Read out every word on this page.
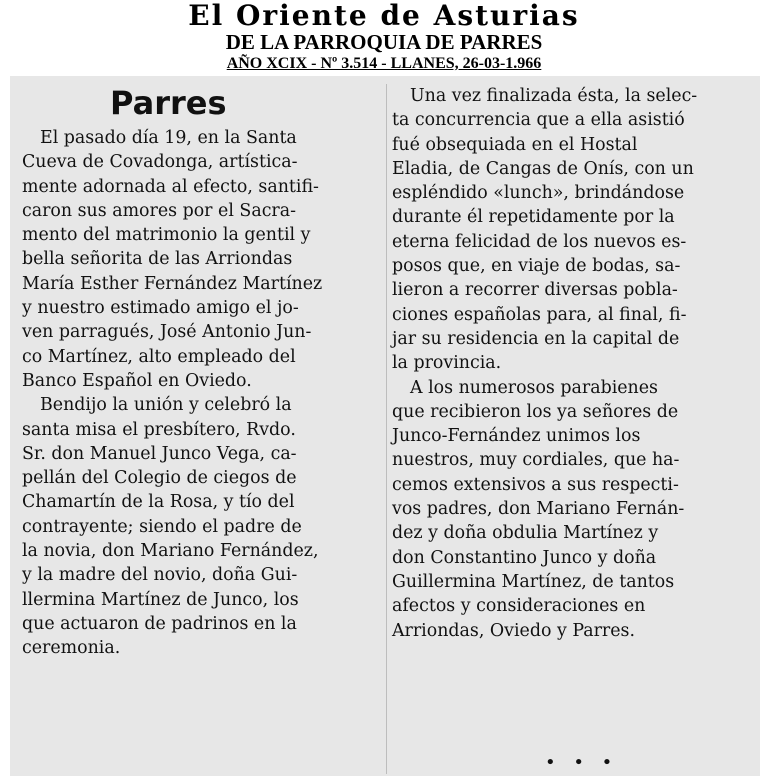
El Oriente de Asturias
DE LA PARROQUIA DE PARRES
AÑO XCIX - Nº 3.514 - LLANES, 26-03-1.966
Parres
El pasado día 19, en la Santa
Cueva de Covadonga, artística-
mente adornada al efecto, santifi-
caron sus amores por el Sacra-
mento del matrimonio la gentil y
bella señorita de las Arriondas
María Esther Fernández Martínez
y nuestro estimado amigo el jo-
ven parragués, José Antonio Jun-
co Martínez, alto empleado del
Banco Español en Oviedo.
Bendijo la unión y celebró la
santa misa el presbítero, Rvdo.
Sr. don Manuel Junco Vega, ca-
pellán del Colegio de ciegos de
Chamartín de la Rosa, y tío del
contrayente; siendo el padre de
la novia, don Mariano Fernández,
y la madre del novio, doña Gui-
llermina Martínez de Junco, los
que actuaron de padrinos en la
ceremonia.
Una vez finalizada ésta, la selec-
ta concurrencia que a ella asistió
fué obsequiada en el Hostal
Eladia, de Cangas de Onís, con un
espléndido «lunch», brindándose
durante él repetidamente por la
eterna felicidad de los nuevos es-
posos que, en viaje de bodas, sa-
lieron a recorrer diversas pobla-
ciones españolas para, al final, fi-
jar su residencia en la capital de
la provincia.
A los numerosos parabienes
que recibieron los ya señores de
Junco-Fernández unimos los
nuestros, muy cordiales, que ha-
cemos extensivos a sus respecti-
vos padres, don Mariano Fernán-
dez y doña obdulia Martínez y
don Constantino Junco y doña
Guillermina Martínez, de tantos
afectos y consideraciones en
Arriondas, Oviedo y Parres.
• • •
